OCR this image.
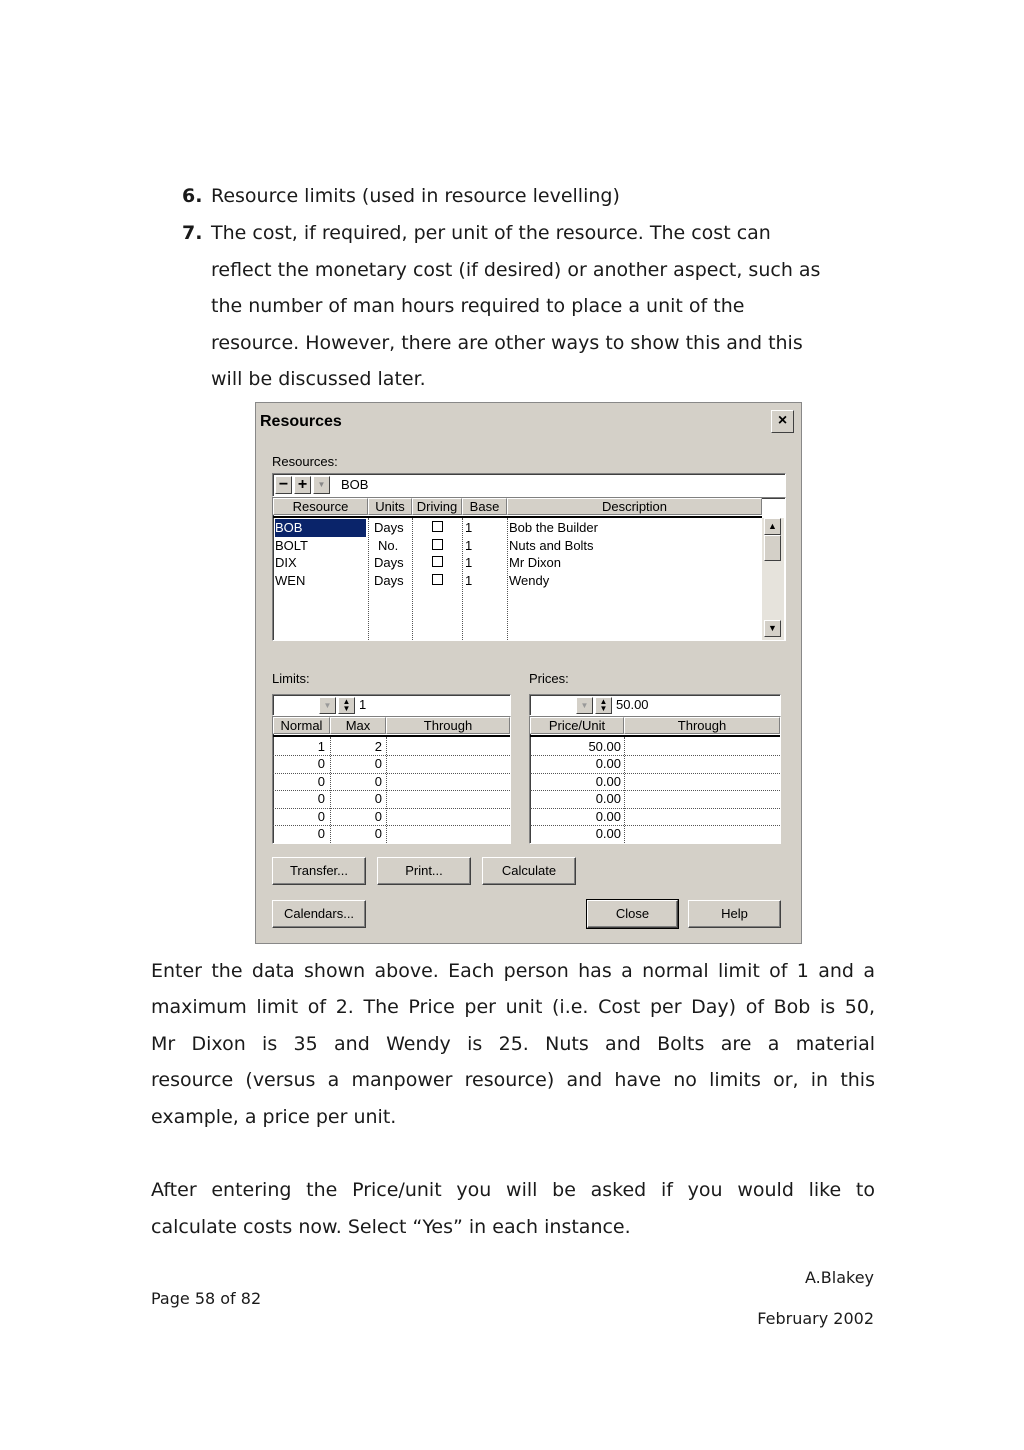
6. Resource limits (used in resource levelling)
7. The cost, if required, per unit of the resource. The cost can
reflect the monetary cost (if desired) or another aspect, such as
the number of man hours required to place a unit of the
resource. However, there are other ways to show this and this
will be discussed later.
Resources	×
Resources:
− +	▼	BOB
Resource	Units Driving Base	Description
BOB	Days	1	Bob the Builder
BOLT	No.	1	Nuts and Bolts
DIX	Days	1	Mr Dixon
WEN	Days	1	Wendy
▲
▼
Limits:
▼	▲
▼ 1
Normal	Max	Through
1	2
0	0
0	0
0	0
0	0
0	0
Prices:
▼	▲
▼ 50.00
Price/Unit	Through
50.00
0.00
0.00
0.00
0.00
0.00
Transfer...	Print...	Calculate
Calendars...	Close	Help
Enter the data shown above. Each person has a normal limit of 1 and a
maximum limit of 2. The Price per unit (i.e. Cost per Day) of Bob is 50,
Mr Dixon is 35 and Wendy is 25. Nuts and Bolts are a material
resource (versus a manpower resource) and have no limits or, in this
example, a price per unit.
After entering the Price/unit you will be asked if you would like to
calculate costs now. Select “Yes” in each instance.
A.Blakey
Page 58 of 82
February 2002
